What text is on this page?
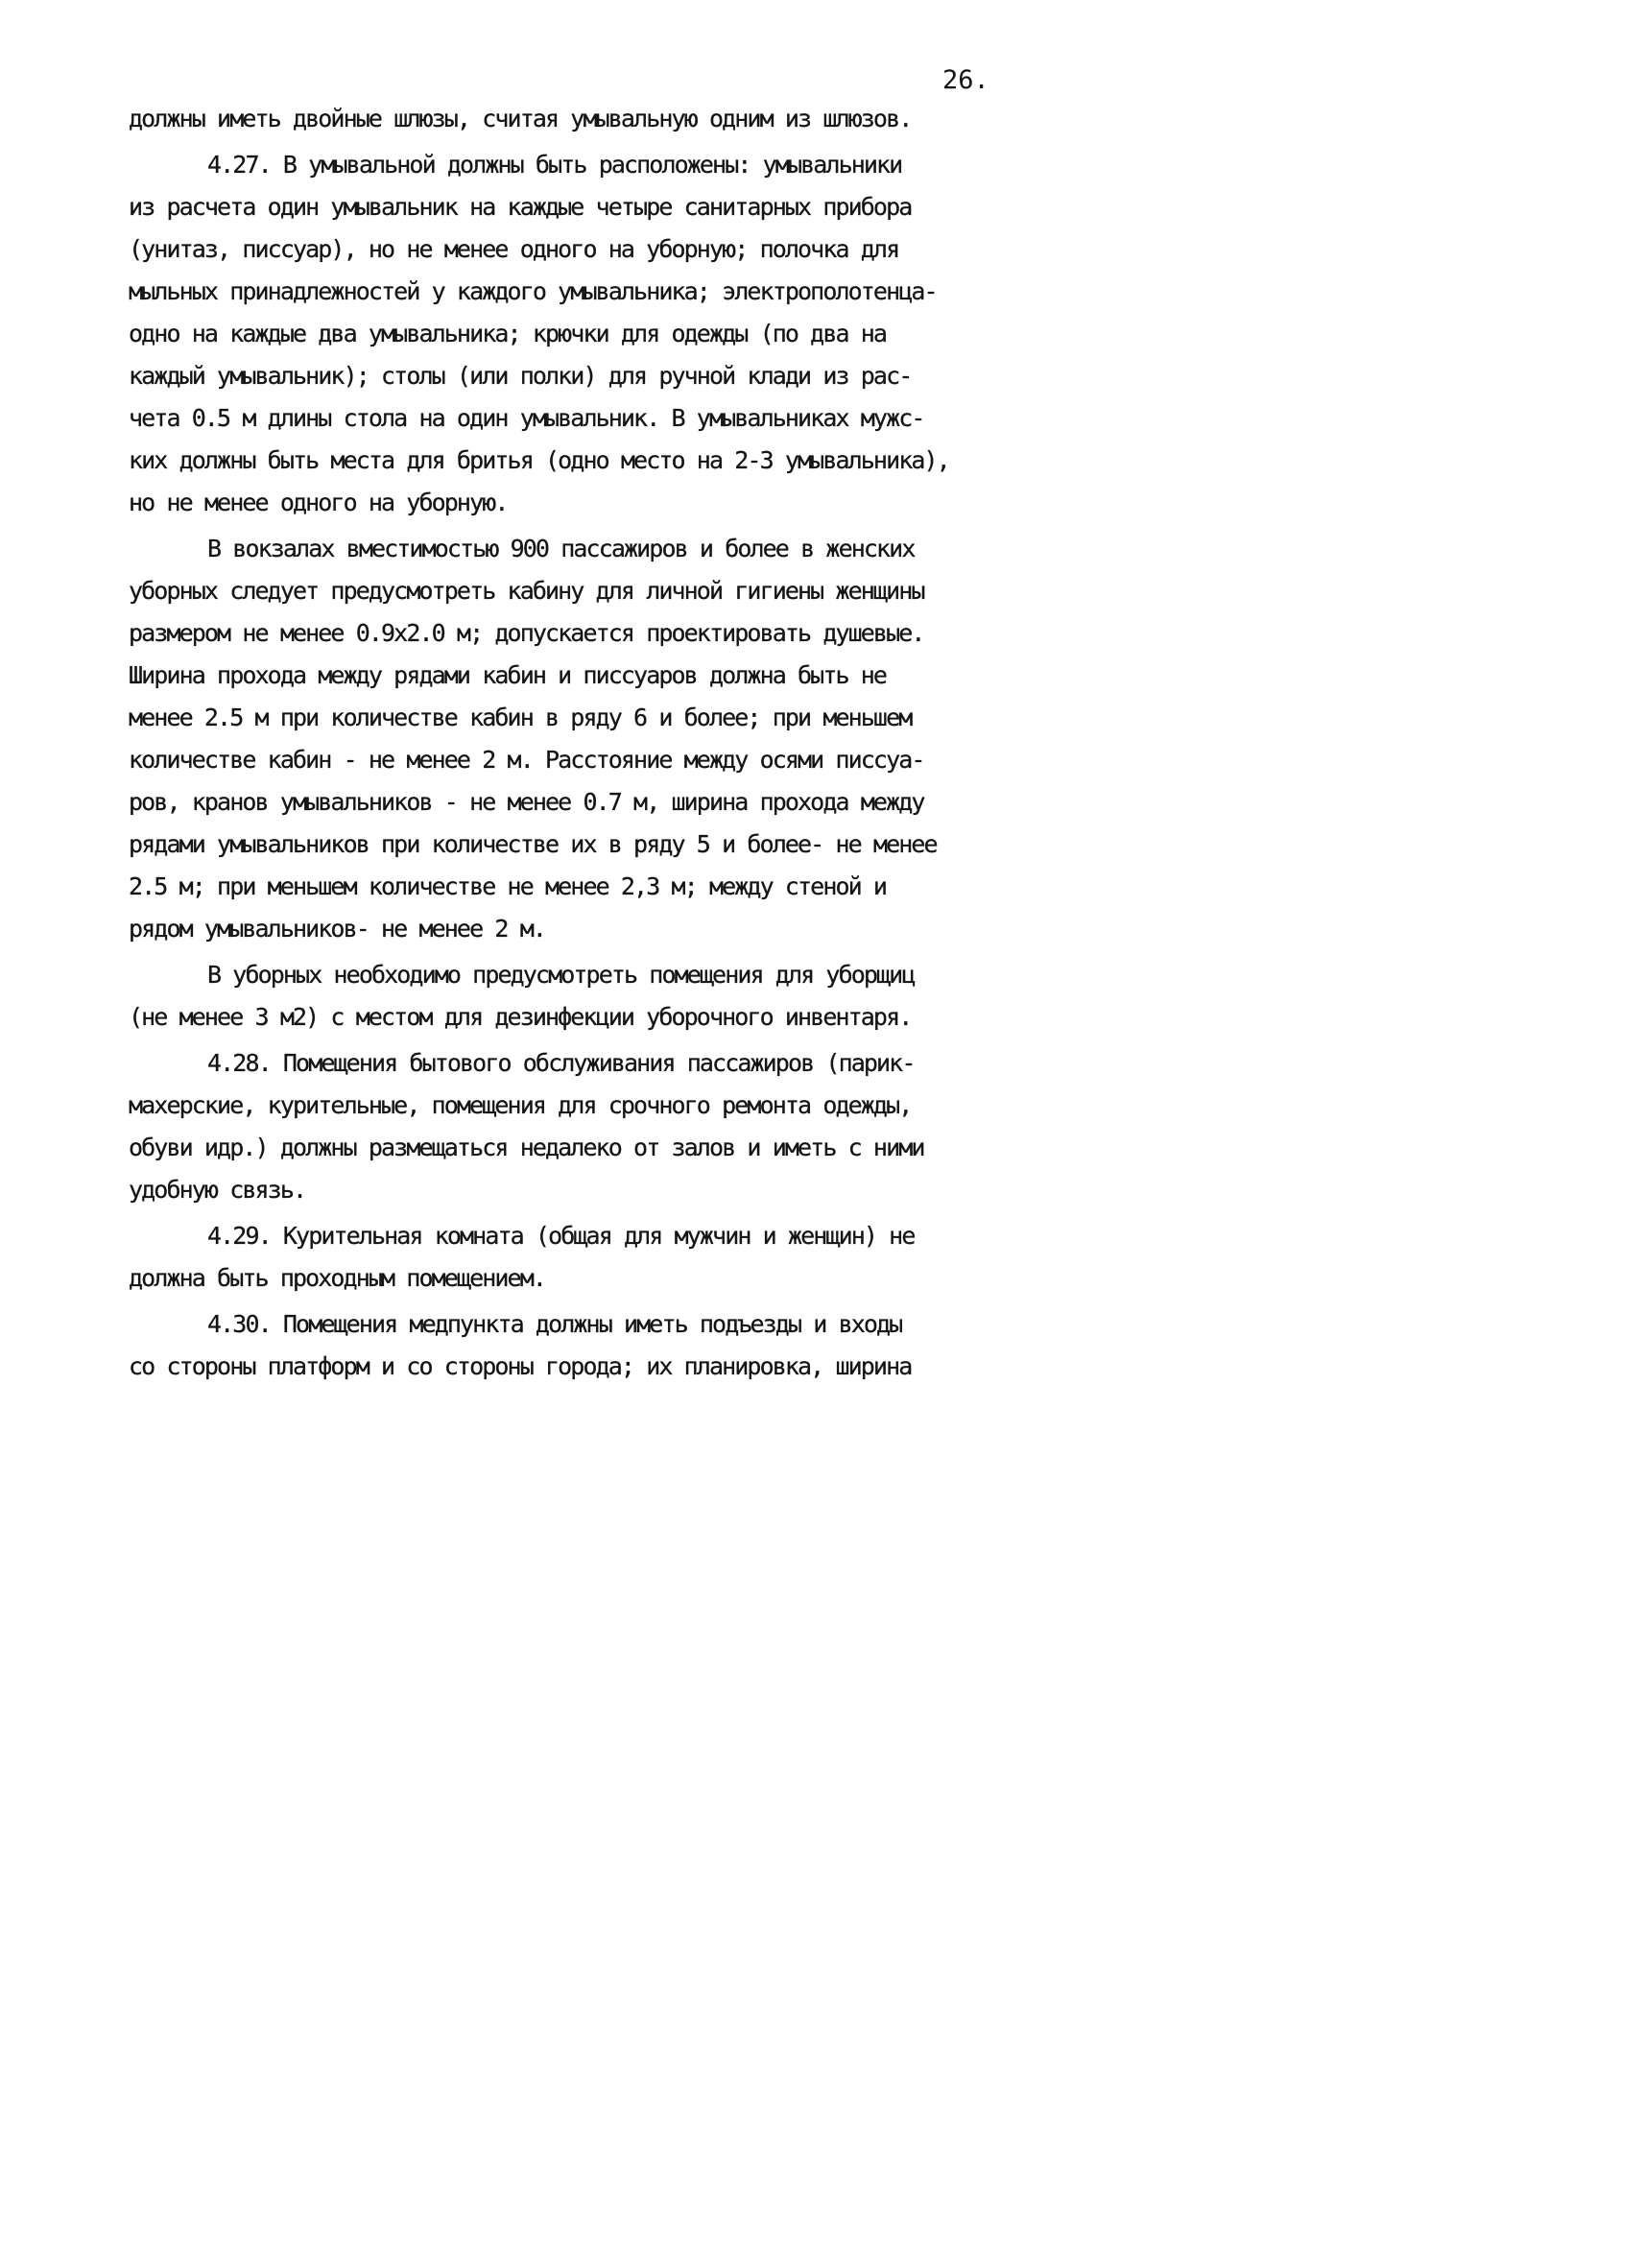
26.
должны иметь двойные шлюзы, считая умывальную одним из шлюзов.
4.27. В умывальной должны быть расположены: умывальники
из расчета один умывальник на каждые четыре санитарных прибора
(унитаз, писсуар), но не менее одного на уборную; полочка для
мыльных принадлежностей у каждого умывальника; электрополотенца-
одно на каждые два умывальника; крючки для одежды (по два на
каждый умывальник); столы (или полки) для ручной клади из рас-
чета 0.5 м длины стола на один умывальник. В умывальниках мужс-
ких должны быть места для бритья (одно место на 2-3 умывальника),
но не менее одного на уборную.
В вокзалах вместимостью 900 пассажиров и более в женских
уборных следует предусмотреть кабину для личной гигиены женщины
размером не менее 0.9х2.0 м; допускается проектировать душевые.
Ширина прохода между рядами кабин и писсуаров должна быть не
менее 2.5 м при количестве кабин в ряду 6 и более; при меньшем
количестве кабин - не менее 2 м. Расстояние между осями писсуа-
ров, кранов умывальников - не менее 0.7 м, ширина прохода между
рядами умывальников при количестве их в ряду 5 и более- не менее
2.5 м; при меньшем количестве не менее 2,3 м; между стеной и
рядом умывальников- не менее 2 м.
В уборных необходимо предусмотреть помещения для уборщиц
(не менее 3 м2) с местом для дезинфекции уборочного инвентаря.
4.28. Помещения бытового обслуживания пассажиров (парик-
махерские, курительные, помещения для срочного ремонта одежды,
обуви идр.) должны размещаться недалеко от залов и иметь с ними
удобную связь.
4.29. Курительная комната (общая для мужчин и женщин) не
должна быть проходным помещением.
4.30. Помещения медпункта должны иметь подъезды и входы
со стороны платформ и со стороны города; их планировка, ширина
